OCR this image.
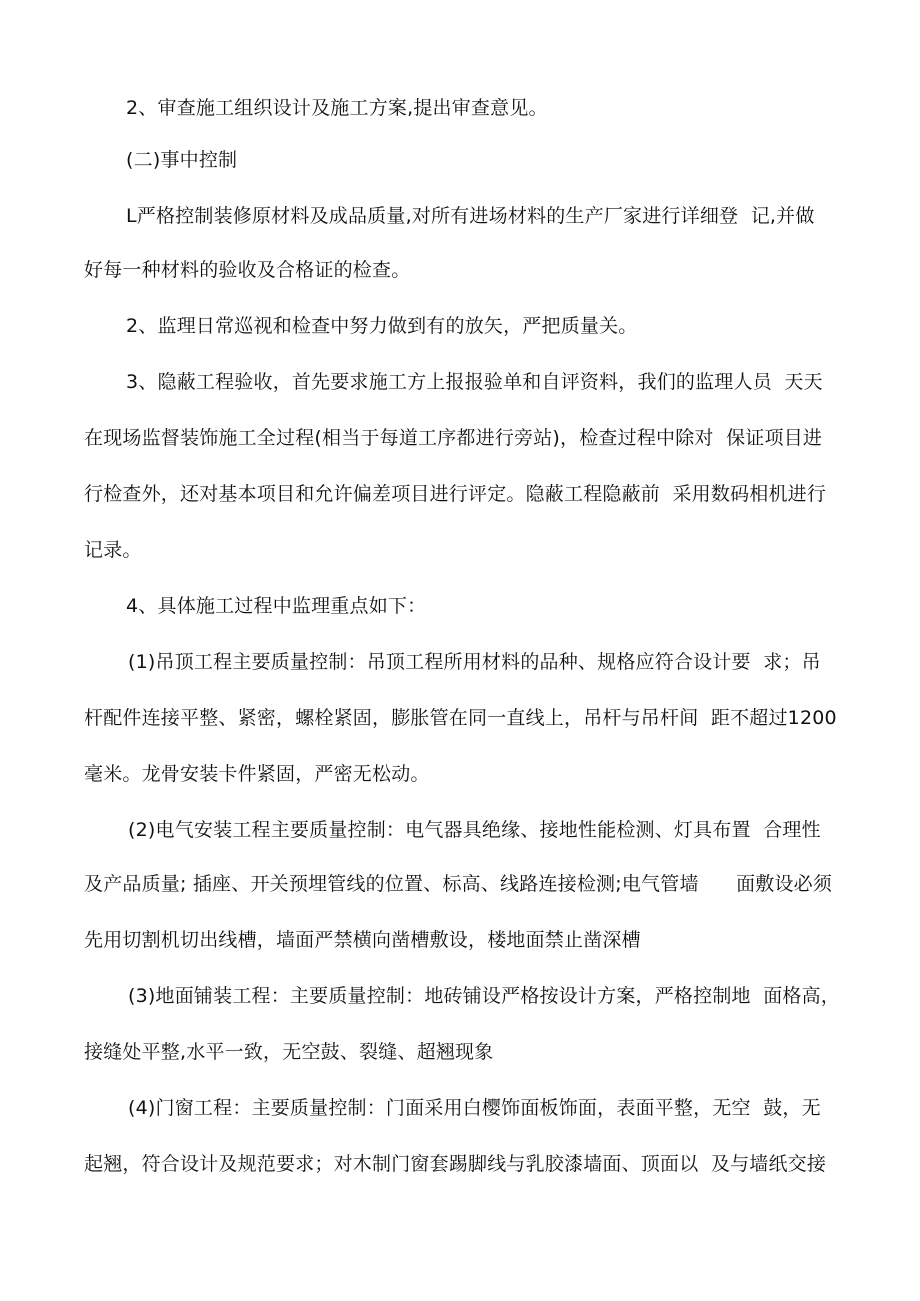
2、审查施工组织设计及施工方案,提出审查意见。
(二)事中控制
L严格控制装修原材料及成品质量,对所有进场材料的生产厂家进行详细登  记,并做
好每一种材料的验收及合格证的检查。
2、监理日常巡视和检查中努力做到有的放矢，严把质量关。
3、隐蔽工程验收，首先要求施工方上报报验单和自评资料，我们的监理人员  天天
在现场监督装饰施工全过程(相当于每道工序都进行旁站)，检查过程中除对  保证项目进
行检查外，还对基本项目和允许偏差项目进行评定。隐蔽工程隐蔽前  采用数码相机进行
记录。
4、具体施工过程中监理重点如下：
(1)吊顶工程主要质量控制：吊顶工程所用材料的品种、规格应符合设计要  求；吊
杆配件连接平整、紧密，螺栓紧固，膨胀管在同一直线上，吊杆与吊杆间  距不超过1200
毫米。龙骨安装卡件紧固，严密无松动。
(2)电气安装工程主要质量控制：电气器具绝缘、接地性能检测、灯具布置  合理性
及产品质量; 插座、开关预埋管线的位置、标高、线路连接检测;电气管墙      面敷设必须
先用切割机切出线槽，墙面严禁横向凿槽敷设，楼地面禁止凿深槽
(3)地面铺装工程：主要质量控制：地砖铺设严格按设计方案，严格控制地  面格高，
接缝处平整,水平一致，无空鼓、裂缝、超翘现象
(4)门窗工程：主要质量控制：门面采用白樱饰面板饰面，表面平整，无空  鼓，无
起翘，符合设计及规范要求；对木制门窗套踢脚线与乳胶漆墙面、顶面以  及与墙纸交接
